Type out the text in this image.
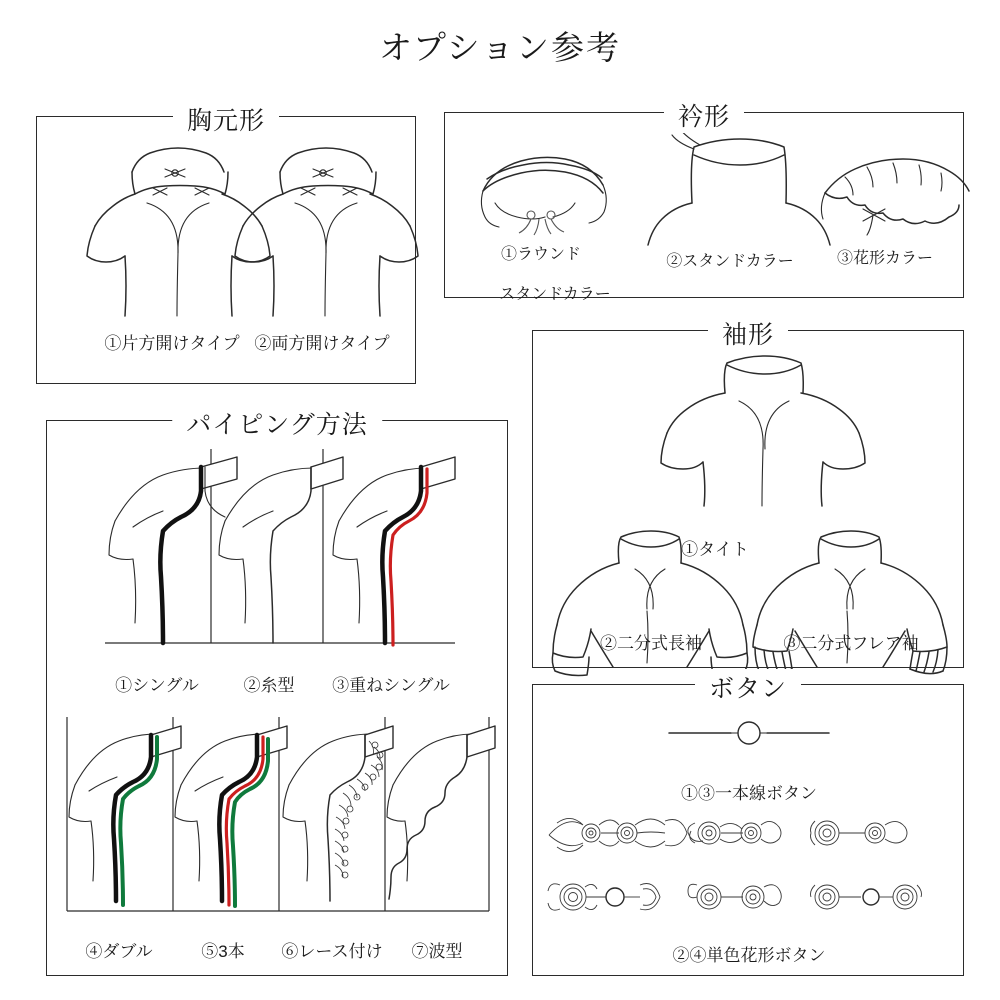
オプション参考
胸元形
①片方開けタイプ ②両方開けタイプ
衿形
①ラウンド
スタンドカラー
②スタンドカラー	③花形カラー
袖形
①タイト
②二分式長袖	③二分式フレア袖
パイピング方法
①シングル	②糸型 ③重ねシングル
④ダブル	⑤3本 ⑥レース付け ⑦波型
ボタン
①③一本線ボタン
②④単色花形ボタン
